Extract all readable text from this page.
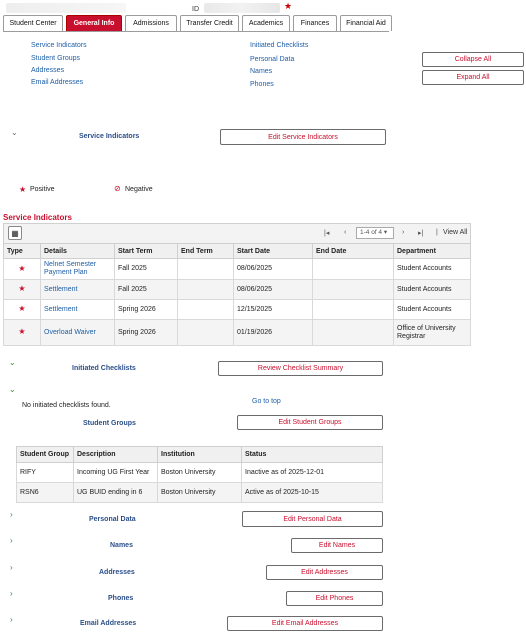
ID	★
Student Center	General Info	Admissions	Transfer Credit	Academics	Finances	Financial Aid
Service Indicators
Student Groups
Addresses
Email Addresses
Initiated Checklists
Personal Data
Names
Phones
Collapse All
Expand All
⌄	Service Indicators	Edit Service Indicators
★ Positive	⊘ Negative
Service Indicators
▦	|◂ ‹	1-4 of 4 ▾	› ▸| | View All
Type	Details	Start Term	End Term	Start Date	End Date	Department
★	Nelnet Semester Payment Plan	Fall 2025		08/06/2025		Student Accounts
★	Settlement	Fall 2025		08/06/2025		Student Accounts
★	Settlement	Spring 2026		12/15/2025		Student Accounts
★	Overload Waiver	Spring 2026		01/19/2026		Office of University Registrar
⌄
Initiated Checklists	Review Checklist Summary
⌄
Go to top
No initiated checklists found.
Student Groups	Edit Student Groups
Student Group	Description	Institution	Status
RIFY	Incoming UG First Year	Boston University	Inactive as of 2025-12-01
RSN6	UG BUID ending in 6	Boston University	Active as of 2025-10-15
›
Personal Data	Edit Personal Data
›
Names	Edit Names
›
Addresses	Edit Addresses
›
Phones	Edit Phones
›	Email Addresses	Edit Email Addresses
